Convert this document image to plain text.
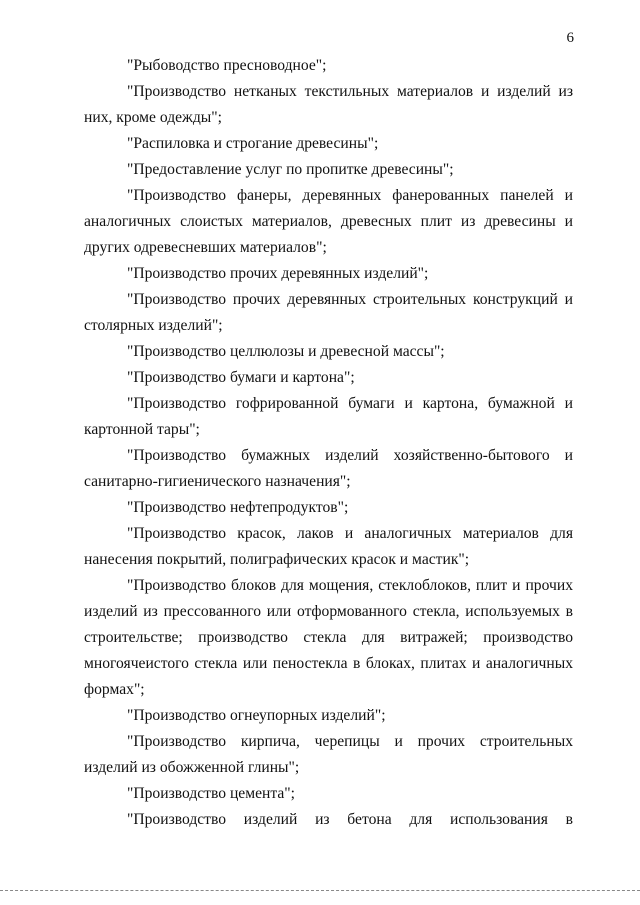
6

"Рыбоводство пресноводное";

"Производство нетканых текстильных материалов и изделий из них, кроме одежды";

"Распиловка и строгание древесины";

"Предоставление услуг по пропитке древесины";

"Производство фанеры, деревянных фанерованных панелей и аналогичных слоистых материалов, древесных плит из древесины и других одревесневших материалов";

"Производство прочих деревянных изделий";

"Производство прочих деревянных строительных конструкций и столярных изделий";

"Производство целлюлозы и древесной массы";

"Производство бумаги и картона";

"Производство гофрированной бумаги и картона, бумажной и картонной тары";

"Производство бумажных изделий хозяйственно-бытового и санитарно-гигиенического назначения";

"Производство нефтепродуктов";

"Производство красок, лаков и аналогичных материалов для нанесения покрытий, полиграфических красок и мастик";

"Производство блоков для мощения, стеклоблоков, плит и прочих изделий из прессованного или отформованного стекла, используемых в строительстве; производство стекла для витражей; производство многоячеистого стекла или пеностекла в блоках, плитах и аналогичных формах";

"Производство огнеупорных изделий";

"Производство кирпича, черепицы и прочих строительных изделий из обожженной глины";

"Производство цемента";

"Производство изделий из бетона для использования в
